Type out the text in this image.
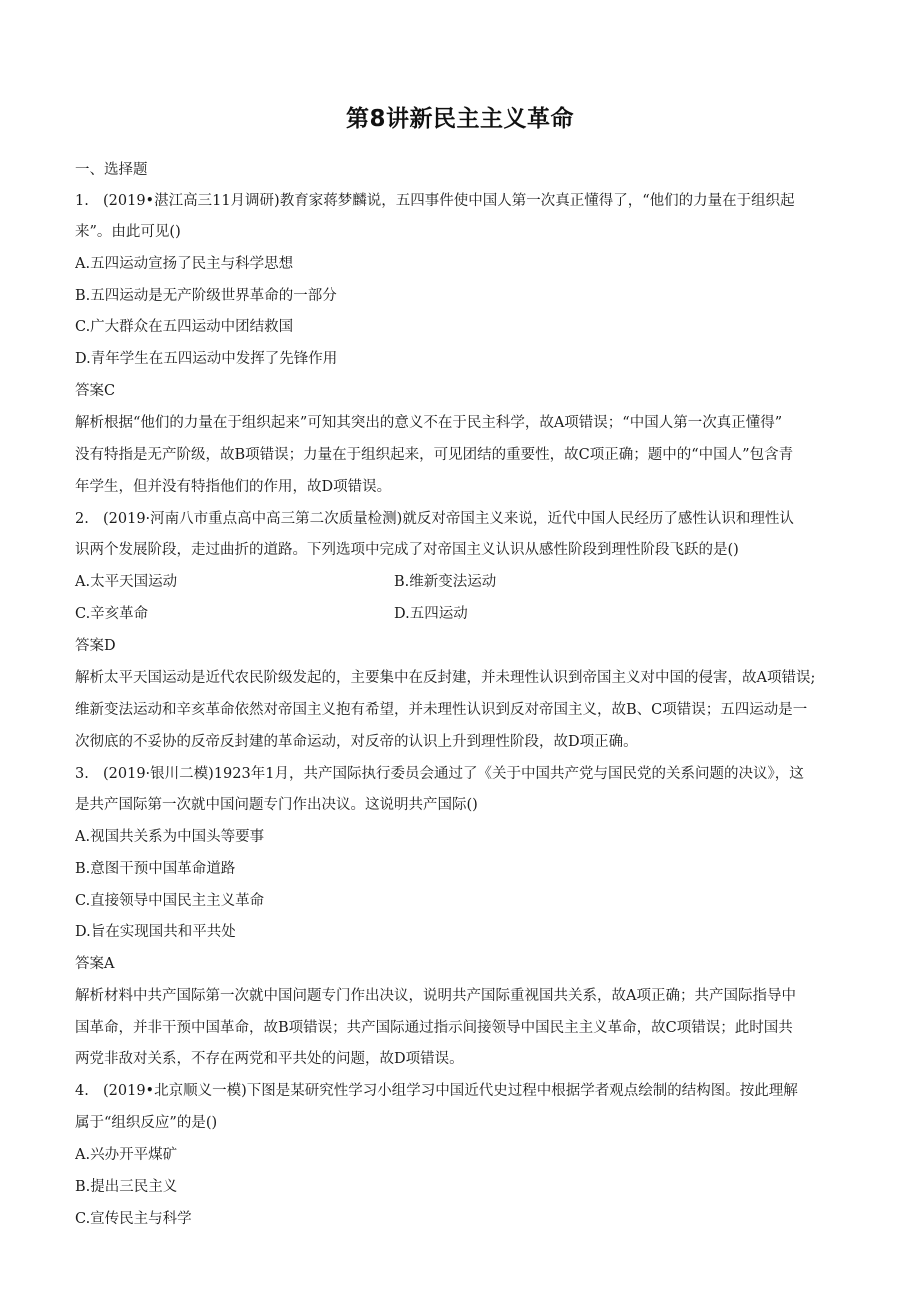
第8讲新民主主义革命
一、选择题
1. (2019•湛江高三11月调研)教育家蒋梦麟说，五四事件使中国人第一次真正懂得了，“他们的力量在于组织起
来”。由此可见()
A.五四运动宣扬了民主与科学思想
B.五四运动是无产阶级世界革命的一部分
C.广大群众在五四运动中团结救国
D.青年学生在五四运动中发挥了先锋作用
答案C
解析根据“他们的力量在于组织起来”可知其突出的意义不在于民主科学，故A项错误；“中国人第一次真正懂得”
没有特指是无产阶级，故B项错误；力量在于组织起来，可见团结的重要性，故C项正确；题中的“中国人”包含青
年学生，但并没有特指他们的作用，故D项错误。
2. (2019·河南八市重点高中高三第二次质量检测)就反对帝国主义来说，近代中国人民经历了感性认识和理性认
识两个发展阶段，走过曲折的道路。下列选项中完成了对帝国主义认识从感性阶段到理性阶段飞跃的是()
A.太平天国运动	B.维新变法运动
C.辛亥革命	D.五四运动
答案D
解析太平天国运动是近代农民阶级发起的，主要集中在反封建，并未理性认识到帝国主义对中国的侵害，故A项错误;
维新变法运动和辛亥革命依然对帝国主义抱有希望，并未理性认识到反对帝国主义，故B、C项错误；五四运动是一
次彻底的不妥协的反帝反封建的革命运动，对反帝的认识上升到理性阶段，故D项正确。
3. (2019·银川二模)1923年1月，共产国际执行委员会通过了《关于中国共产党与国民党的关系问题的决议》，这
是共产国际第一次就中国问题专门作出决议。这说明共产国际()
A.视国共关系为中国头等要事
B.意图干预中国革命道路
C.直接领导中国民主主义革命
D.旨在实现国共和平共处
答案A
解析材料中共产国际第一次就中国问题专门作出决议，说明共产国际重视国共关系，故A项正确；共产国际指导中
国革命，并非干预中国革命，故B项错误；共产国际通过指示间接领导中国民主主义革命，故C项错误；此时国共
两党非敌对关系，不存在两党和平共处的问题，故D项错误。
4. (2019•北京顺义一模)下图是某研究性学习小组学习中国近代史过程中根据学者观点绘制的结构图。按此理解
属于“组织反应”的是()
A.兴办开平煤矿
B.提出三民主义
C.宣传民主与科学
